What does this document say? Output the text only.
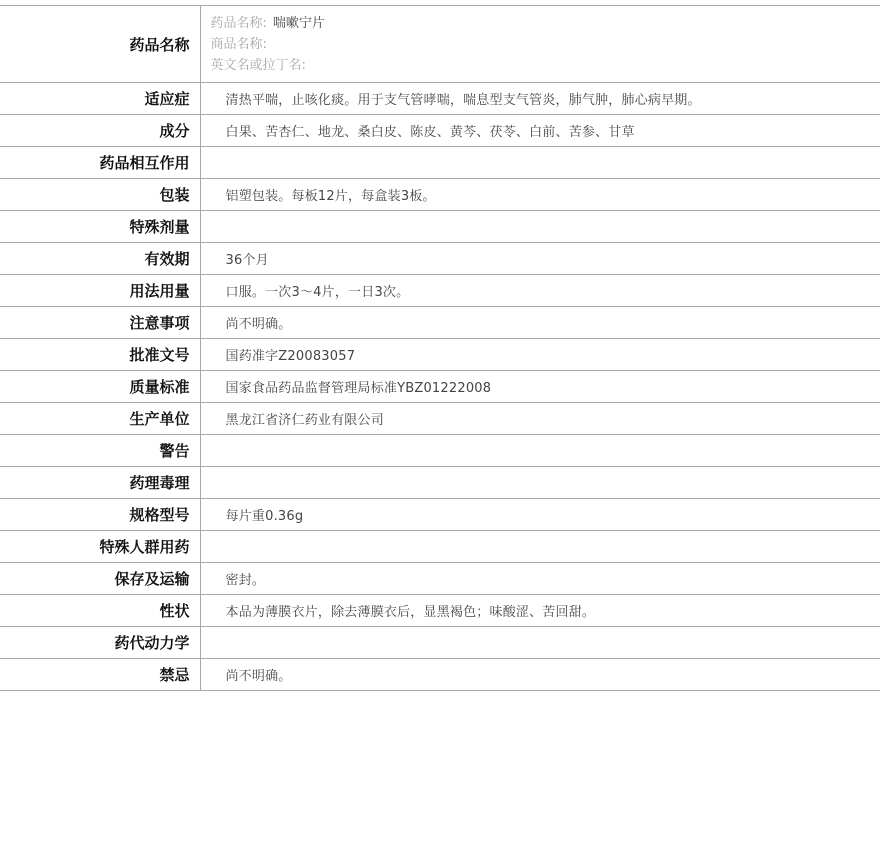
药品名称	药品名称: 喘嗽宁片
商品名称:
英文名或拉丁名:

适应症	清热平喘，止咳化痰。用于支气管哮喘，喘息型支气管炎，肺气肿，肺心病早期。
成分	白果、苦杏仁、地龙、桑白皮、陈皮、黄芩、茯苓、白前、苦参、甘草
药品相互作用	
包装	铝塑包装。每板12片，每盒装3板。
特殊剂量	
有效期	36个月
用法用量	口服。一次3～4片，一日3次。
注意事项	尚不明确。
批准文号	国药准字Z20083057
质量标准	国家食品药品监督管理局标准YBZ01222008
生产单位	黑龙江省济仁药业有限公司
警告	
药理毒理	
规格型号	每片重0.36g
特殊人群用药	
保存及运输	密封。
性状	本品为薄膜衣片，除去薄膜衣后，显黑褐色；味酸涩、苦回甜。
药代动力学	
禁忌	尚不明确。
